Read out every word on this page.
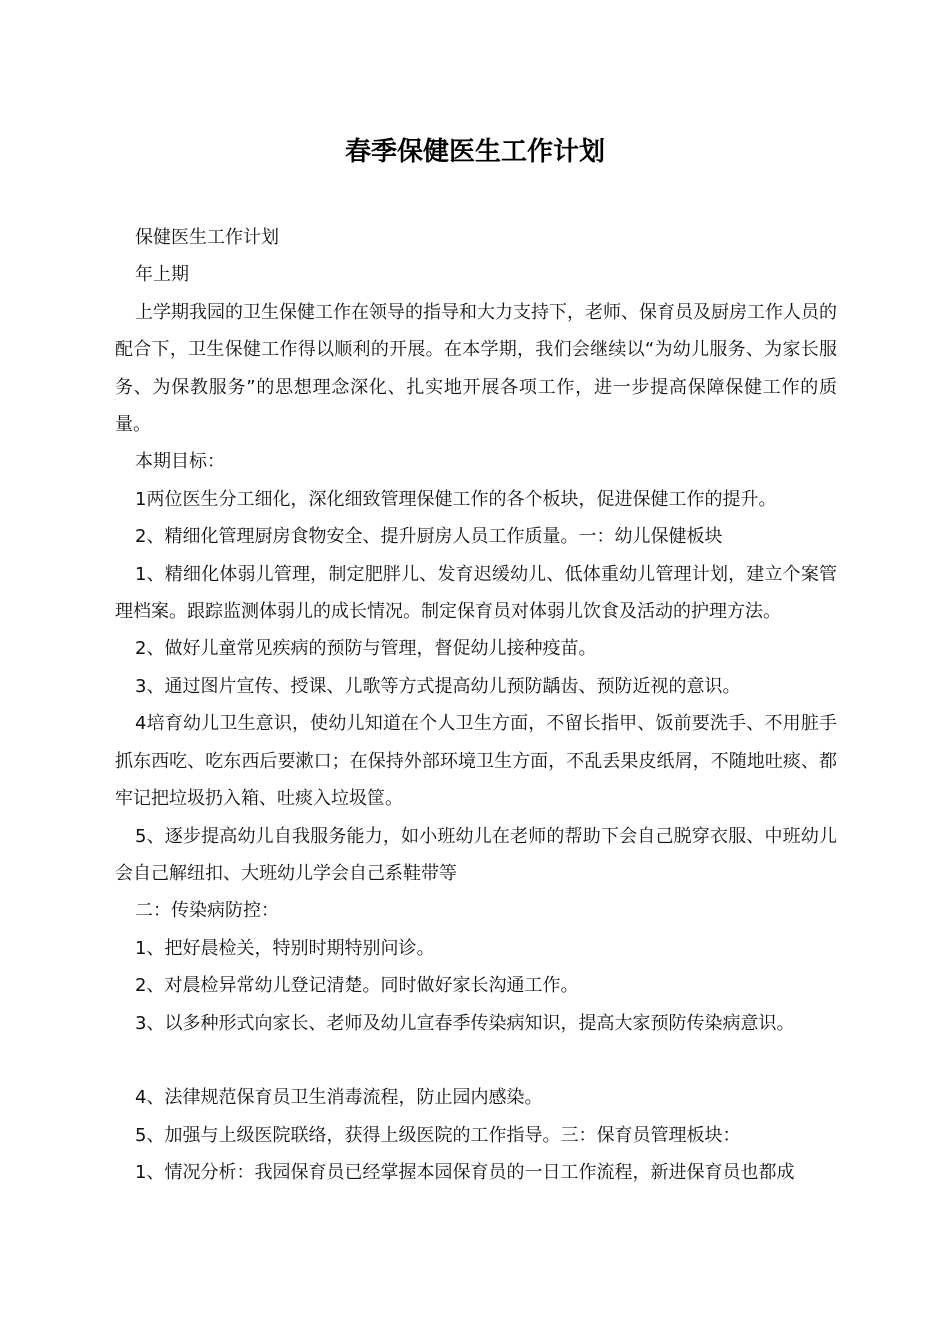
春季保健医生工作计划

保健医生工作计划

年上期

上学期我园的卫生保健工作在领导的指导和大力支持下，老师、保育员及厨房工作人员的配合下，卫生保健工作得以顺利的开展。在本学期，我们会继续以“为幼儿服务、为家长服务、为保教服务”的思想理念深化、扎实地开展各项工作，进一步提高保障保健工作的质量。

本期目标：

1两位医生分工细化，深化细致管理保健工作的各个板块，促进保健工作的提升。

2、精细化管理厨房食物安全、提升厨房人员工作质量。一：幼儿保健板块

1、精细化体弱儿管理，制定肥胖儿、发育迟缓幼儿、低体重幼儿管理计划，建立个案管理档案。跟踪监测体弱儿的成长情况。制定保育员对体弱儿饮食及活动的护理方法。

2、做好儿童常见疾病的预防与管理，督促幼儿接种疫苗。

3、通过图片宣传、授课、儿歌等方式提高幼儿预防龋齿、预防近视的意识。

4培育幼儿卫生意识，使幼儿知道在个人卫生方面，不留长指甲、饭前要洗手、不用脏手抓东西吃、吃东西后要漱口；在保持外部环境卫生方面，不乱丢果皮纸屑，不随地吐痰、都牢记把垃圾扔入箱、吐痰入垃圾筐。

5、逐步提高幼儿自我服务能力，如小班幼儿在老师的帮助下会自己脱穿衣服、中班幼儿会自己解纽扣、大班幼儿学会自己系鞋带等

二：传染病防控：

1、把好晨检关，特别时期特别问诊。

2、对晨检异常幼儿登记清楚。同时做好家长沟通工作。

3、以多种形式向家长、老师及幼儿宣春季传染病知识，提高大家预防传染病意识。

4、法律规范保育员卫生消毒流程，防止园内感染。

5、加强与上级医院联络，获得上级医院的工作指导。三：保育员管理板块：

1、情况分析：我园保育员已经掌握本园保育员的一日工作流程，新进保育员也都成
